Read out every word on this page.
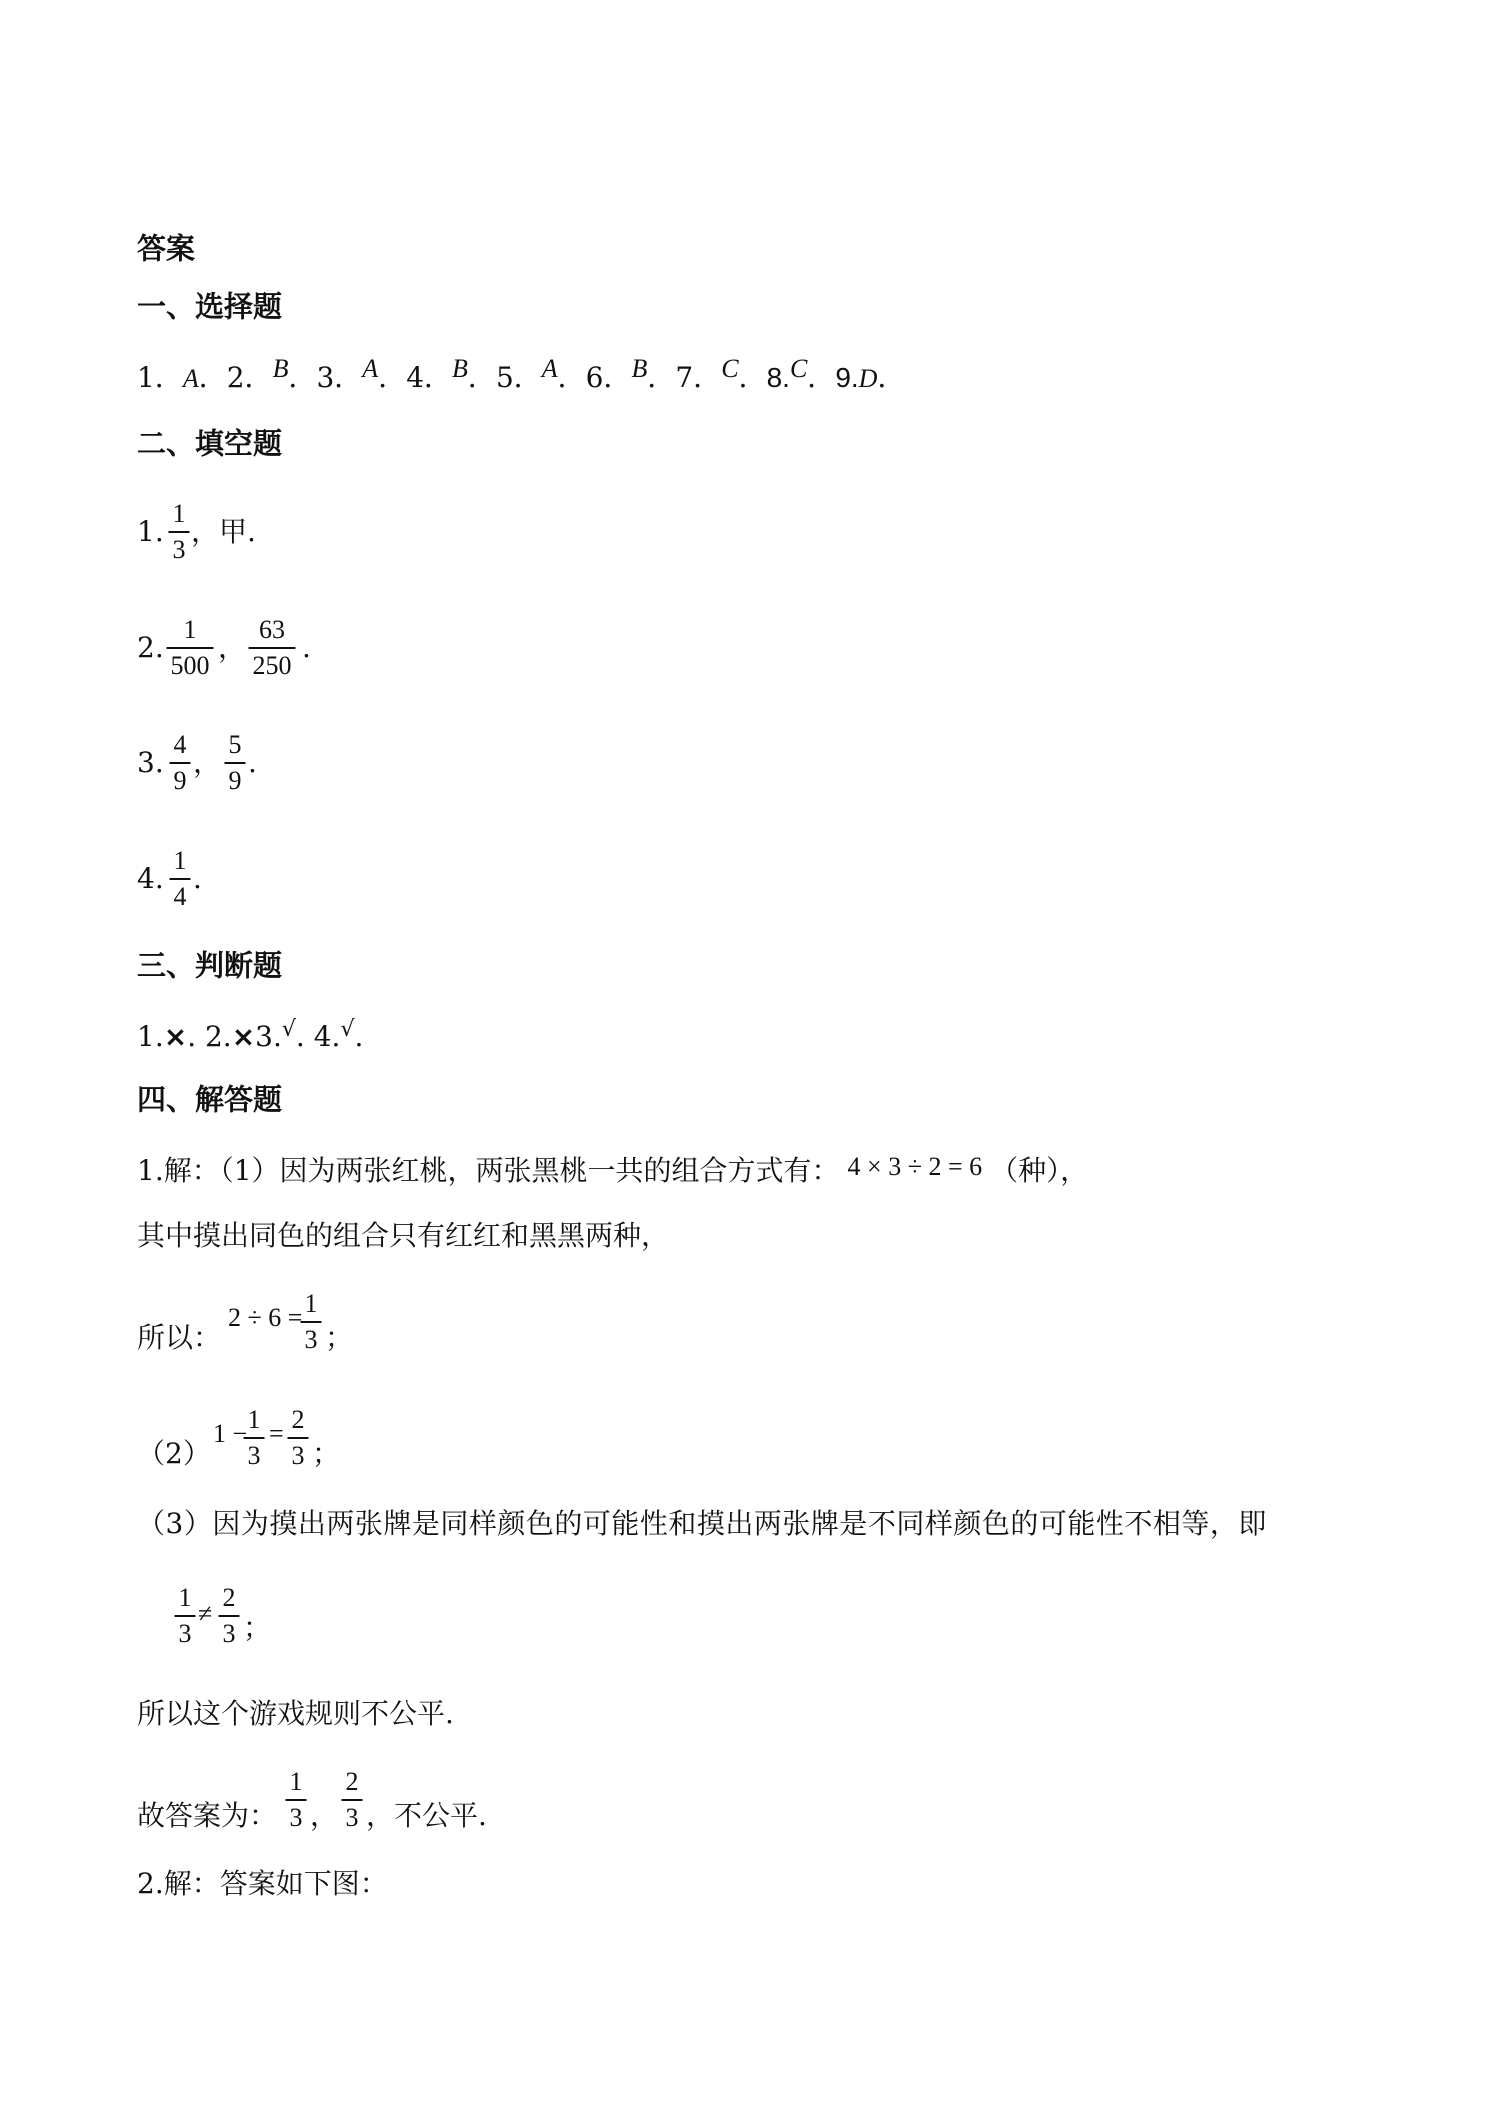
答案
一、选择题
1．A．2．B．3．A．4．B．5．A．6．B．7．C．8.C．9.D．
二、填空题
1.
1
3
，甲.
2.
1
500
，
63
250
.
3.
4
9
，
5
9
.
4.
1
4
.
三、判断题
1.×. 2.×3.√. 4.√.
四、解答题
1.解：（1）因为两张红桃，两张黑桃一共的组合方式有： 4 × 3 ÷ 2 = 6 （种），
其中摸出同色的组合只有红红和黑黑两种，
所以：
2 ÷ 6 = 1
3 ；
（2）
1 − 1
3
= 2
3 ；
（3）因为摸出两张牌是同样颜色的可能性和摸出两张牌是不同样颜色的可能性不相等，即
1
3
≠
2
3 ；
所以这个游戏规则不公平.
故答案为：
1
3 ，
2
3 ，不公平.
2.解：答案如下图：
